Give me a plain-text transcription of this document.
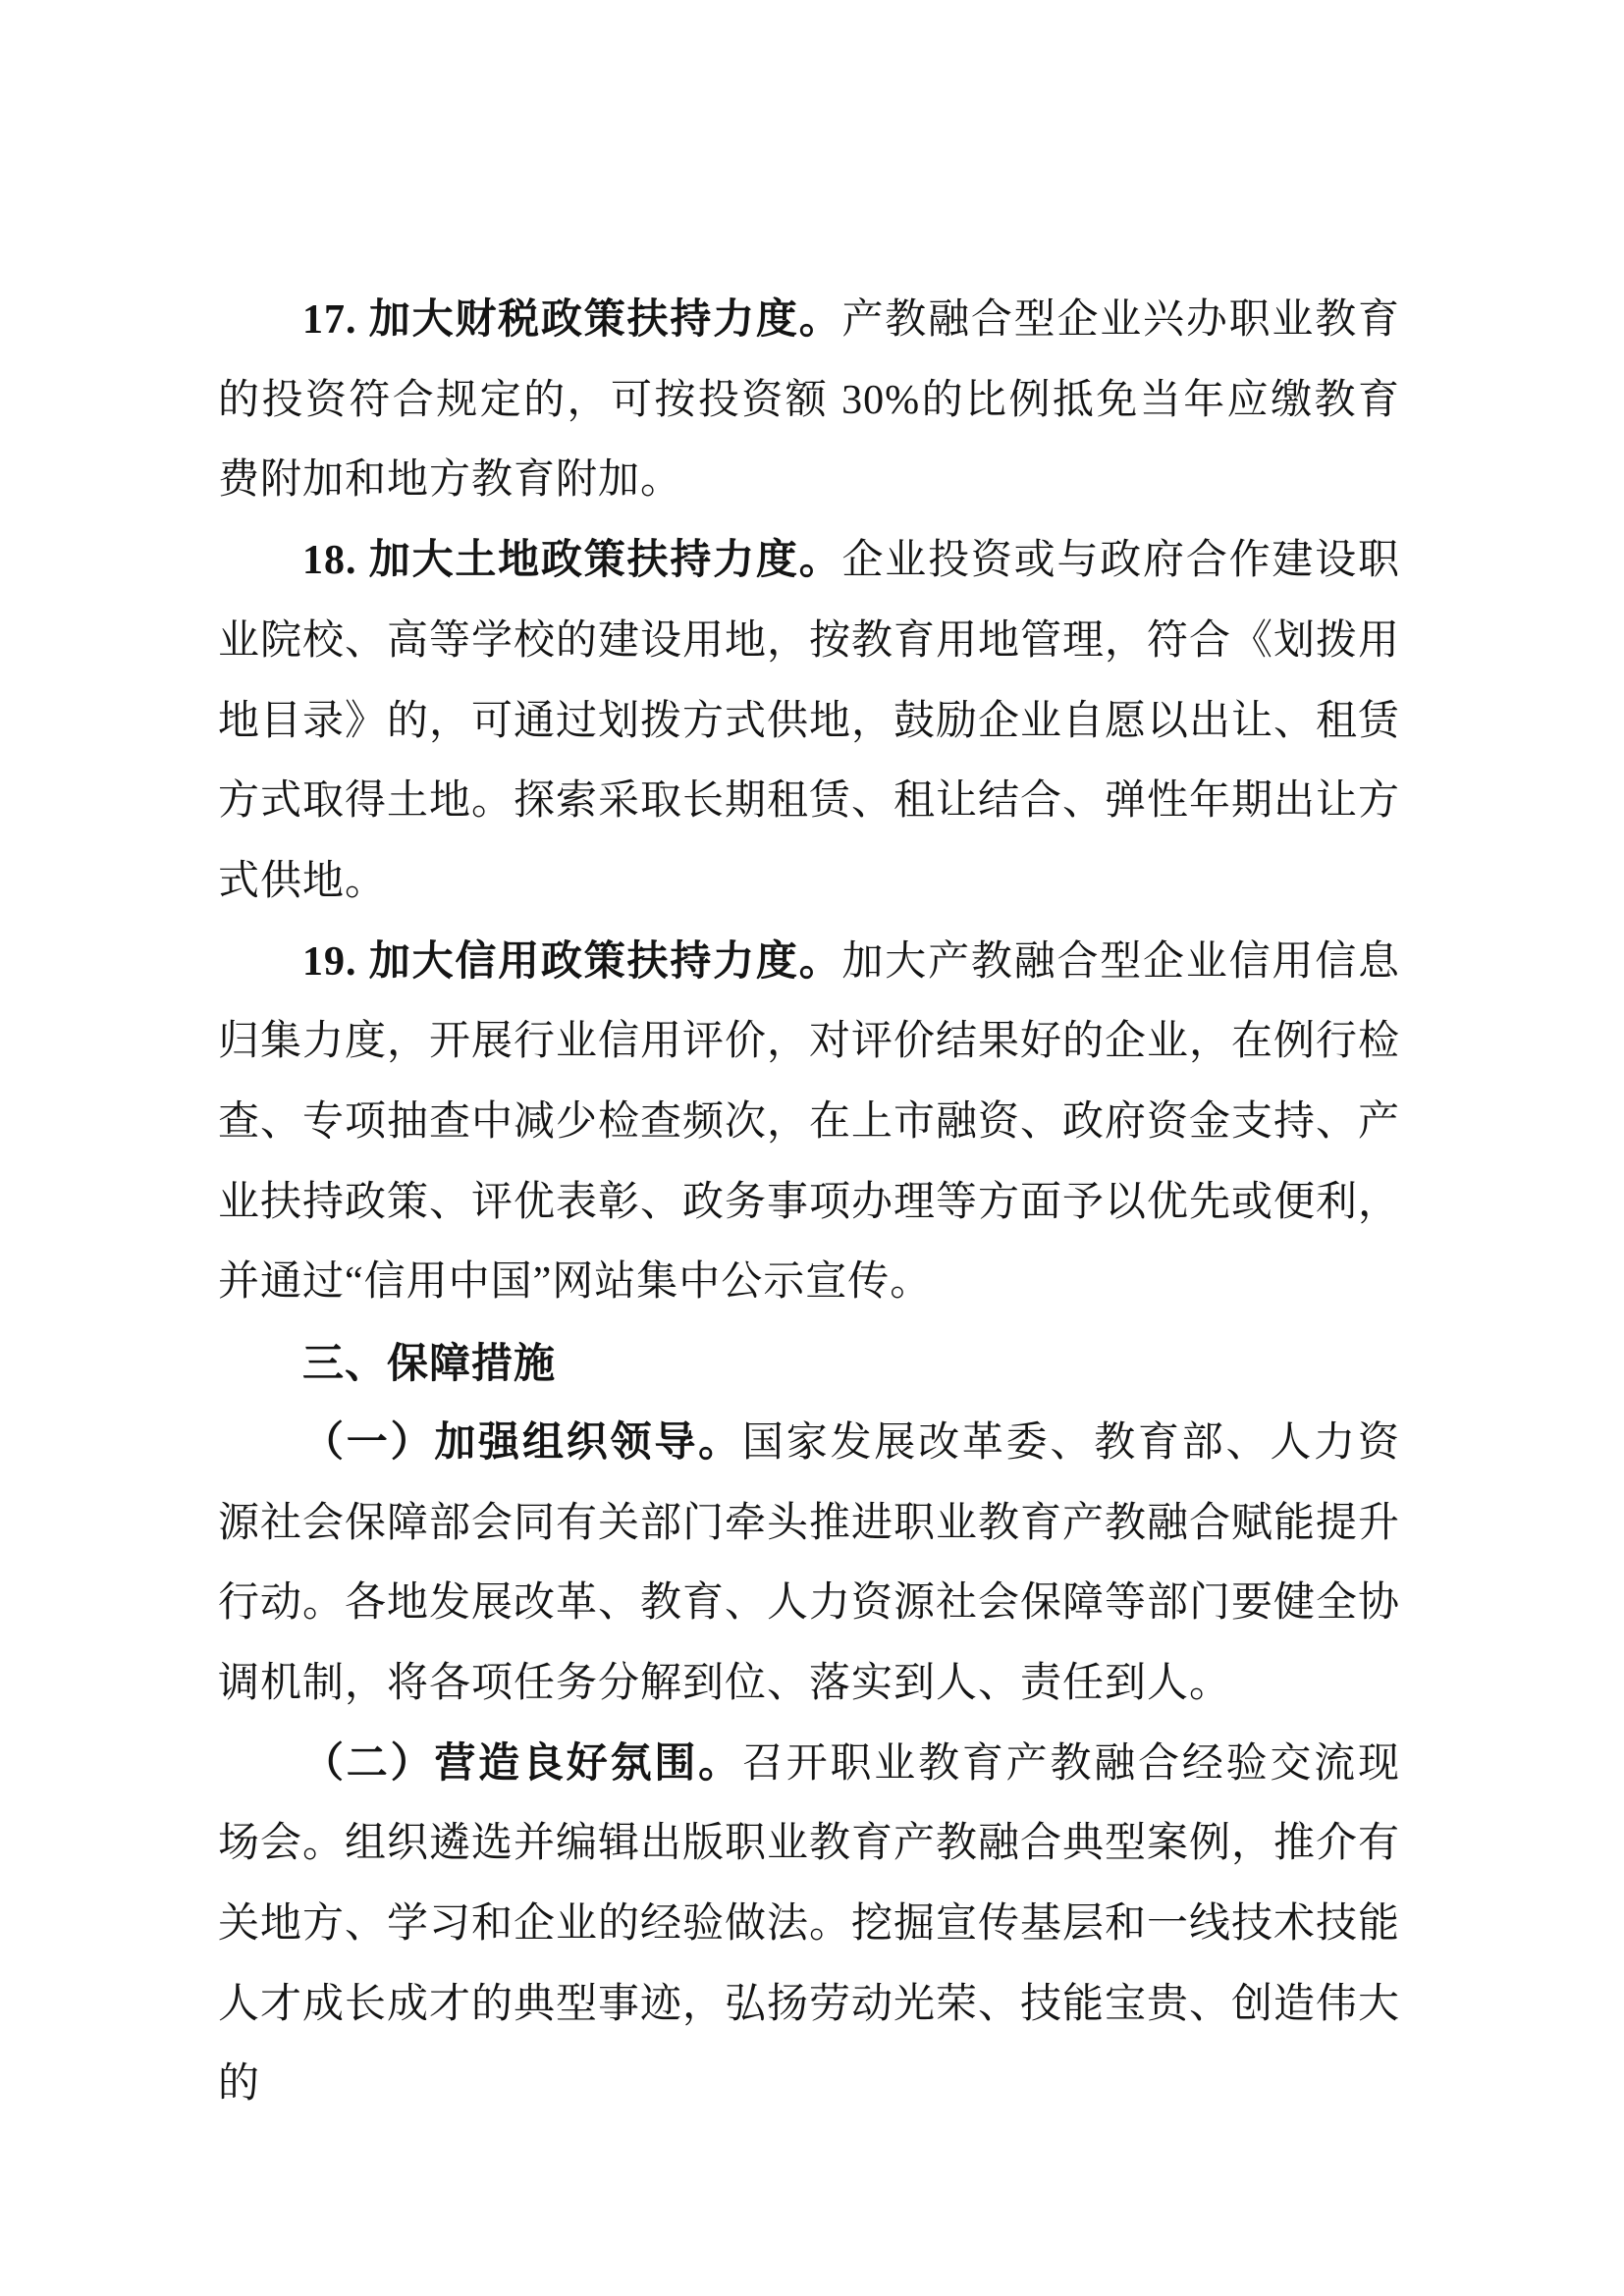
17. 加大财税政策扶持力度。产教融合型企业兴办职业教育的投资符合规定的，可按投资额 30%的比例抵免当年应缴教育费附加和地方教育附加。

18. 加大土地政策扶持力度。企业投资或与政府合作建设职业院校、高等学校的建设用地，按教育用地管理，符合《划拨用地目录》的，可通过划拨方式供地，鼓励企业自愿以出让、租赁方式取得土地。探索采取长期租赁、租让结合、弹性年期出让方式供地。

19. 加大信用政策扶持力度。加大产教融合型企业信用信息归集力度，开展行业信用评价，对评价结果好的企业，在例行检查、专项抽查中减少检查频次，在上市融资、政府资金支持、产业扶持政策、评优表彰、政务事项办理等方面予以优先或便利，并通过“信用中国”网站集中公示宣传。

三、保障措施

（一）加强组织领导。国家发展改革委、教育部、人力资源社会保障部会同有关部门牵头推进职业教育产教融合赋能提升行动。各地发展改革、教育、人力资源社会保障等部门要健全协调机制，将各项任务分解到位、落实到人、责任到人。

（二）营造良好氛围。召开职业教育产教融合经验交流现场会。组织遴选并编辑出版职业教育产教融合典型案例，推介有关地方、学习和企业的经验做法。挖掘宣传基层和一线技术技能人才成长成才的典型事迹，弘扬劳动光荣、技能宝贵、创造伟大的
